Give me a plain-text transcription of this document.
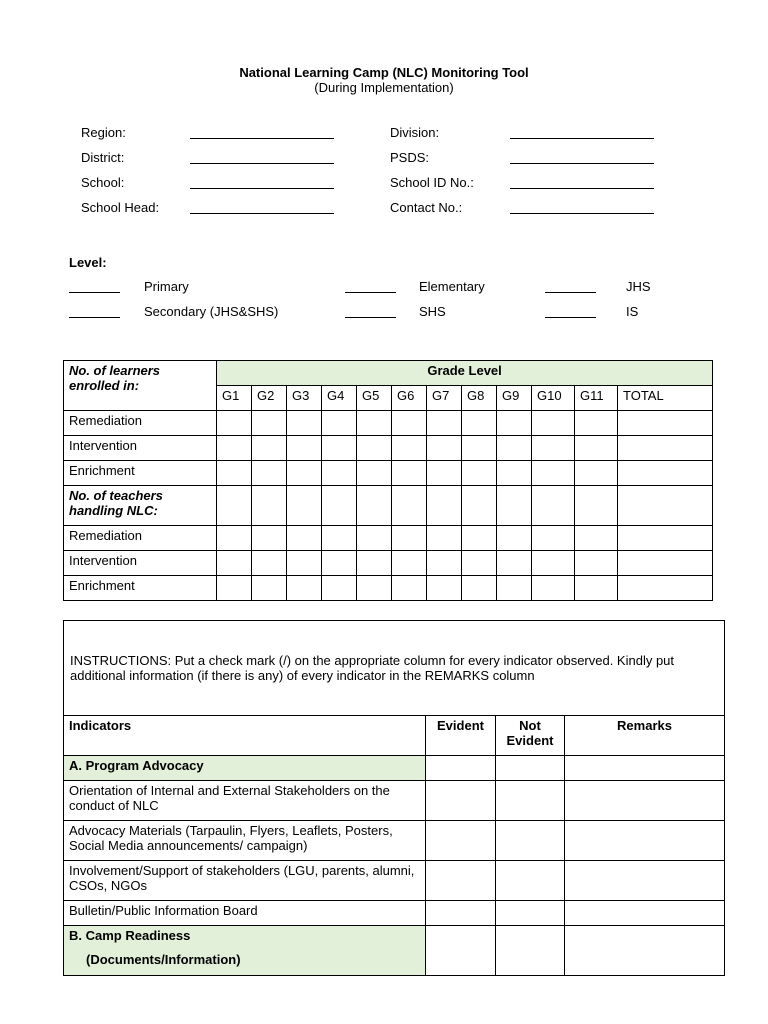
National Learning Camp (NLC) Monitoring Tool
(During Implementation)
Region:	Division:
District:	PSDS:
School:	School ID No.:
School Head:	Contact No.:
Level:
Primary	Elementary	JHS
Secondary (JHS&SHS)	SHS	IS
No. of learners enrolled in:	Grade Level											
	G1	G2	G3	G4	G5	G6	G7	G8	G9	G10	G11	TOTAL
Remediation												
Intervention												
Enrichment												
No. of teachers handling NLC:												
Remediation												
Intervention												
Enrichment												
INSTRUCTIONS: Put a check mark (/) on the appropriate column for every indicator observed. Kindly put additional information (if there is any) of every indicator in the REMARKS column			
Indicators	Evident	Not Evident	Remarks
A. Program Advocacy			
Orientation of Internal and External Stakeholders on the conduct of NLC			
Advocacy Materials (Tarpaulin, Flyers, Leaflets, Posters, Social Media announcements/ campaign)			
Involvement/Support of stakeholders (LGU, parents, alumni, CSOs, NGOs			
Bulletin/Public Information Board			

B. Camp Readiness
(Documents/Information)			
